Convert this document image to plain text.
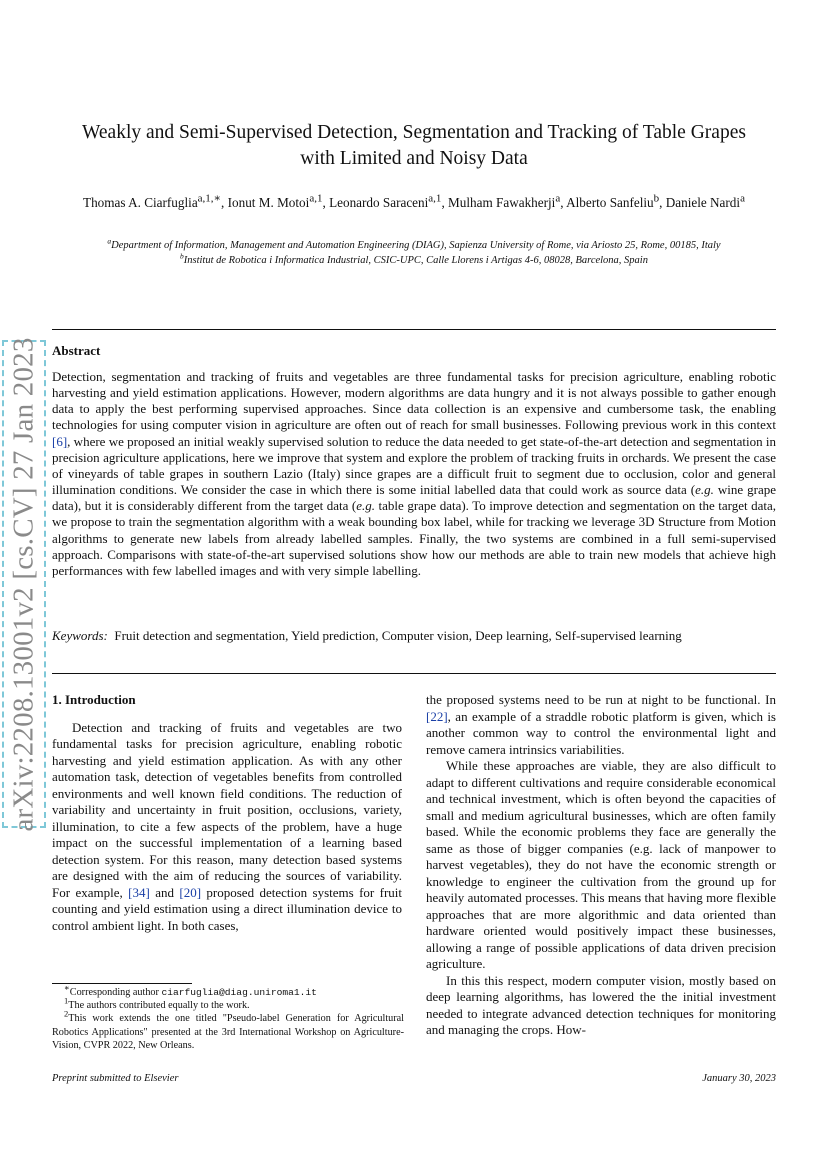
arXiv:2208.13001v2 [cs.CV] 27 Jan 2023
Weakly and Semi-Supervised Detection, Segmentation and Tracking of Table Grapes
with Limited and Noisy Data
Thomas A. Ciarfuglia$^{a,1,∗}$, Ionut M. Motoi$^{a,1}$, Leonardo Saraceni$^{a,1}$, Mulham Fawakherji$^a$, Alberto Sanfeliu$^b$, Daniele Nardi$^a$
$^a$Department of Information, Management and Automation Engineering (DIAG), Sapienza University of Rome, via Ariosto 25, Rome, 00185, Italy
$^b$Institut de Robotica i Informatica Industrial, CSIC-UPC, Calle Llorens i Artigas 4-6, 08028, Barcelona, Spain
Abstract

Detection, segmentation and tracking of fruits and vegetables are three fundamental tasks for precision agriculture, enabling robotic harvesting and yield estimation applications. However, modern algorithms are data hungry and it is not always possible to gather enough data to apply the best performing supervised approaches. Since data collection is an expensive and cumbersome task, the enabling technologies for using computer vision in agriculture are often out of reach for small businesses. Following previous work in this context [6], where we proposed an initial weakly supervised solution to reduce the data needed to get state-of-the-art detection and segmentation in precision agriculture applications, here we improve that system and explore the problem of tracking fruits in orchards. We present the case of vineyards of table grapes in southern Lazio (Italy) since grapes are a difficult fruit to segment due to occlusion, color and general illumination conditions. We consider the case in which there is some initial labelled data that could work as source data (e.g. wine grape data), but it is considerably different from the target data (e.g. table grape data). To improve detection and segmentation on the target data, we propose to train the segmentation algorithm with a weak bounding box label, while for tracking we leverage 3D Structure from Motion algorithms to generate new labels from already labelled samples. Finally, the two systems are combined in a full semi-supervised approach. Comparisons with state-of-the-art supervised solutions show how our methods are able to train new models that achieve high performances with few labelled images and with very simple labelling.

Keywords: Fruit detection and segmentation, Yield prediction, Computer vision, Deep learning, Self-supervised learning

1. Introduction

Detection and tracking of fruits and vegetables are two fundamental tasks for precision agriculture, enabling robotic harvesting and yield estimation application. As with any other automation task, detection of vegetables benefits from controlled environments and well known field conditions. The reduction of variability and uncertainty in fruit position, occlusions, variety, illumination, to cite a few aspects of the problem, have a huge impact on the successful implementation of a learning based detection system. For this reason, many detection based systems are designed with the aim of reducing the sources of variability. For example, [34] and [20] proposed detection systems for fruit counting and yield estimation using a direct illumination device to control ambient light. In both cases,

∗Corresponding author ciarfuglia@diag.uniroma1.it
$^1$The authors contributed equally to the work.
$^2$This work extends the one titled "Pseudo-label Generation for Agricultural Robotics Applications" presented at the 3rd International Workshop on Agriculture-Vision, CVPR 2022, New Orleans.

the proposed systems need to be run at night to be functional. In [22], an example of a straddle robotic platform is given, which is another common way to control the environmental light and remove camera intrinsics variabilities.

While these approaches are viable, they are also difficult to adapt to different cultivations and require considerable economical and technical investment, which is often beyond the capacities of small and medium agricultural businesses, which are often family based. While the economic problems they face are generally the same as those of bigger companies (e.g. lack of manpower to harvest vegetables), they do not have the economic strength or knowledge to engineer the cultivation from the ground up for heavily automated processes. This means that having more flexible approaches that are more algorithmic and data oriented than hardware oriented would positively impact these businesses, allowing a range of possible applications of data driven precision agriculture.

In this this respect, modern computer vision, mostly based on deep learning algorithms, has lowered the the initial investment needed to integrate advanced detection techniques for monitoring and managing the crops. How-

Preprint submitted to Elsevier	January 30, 2023
